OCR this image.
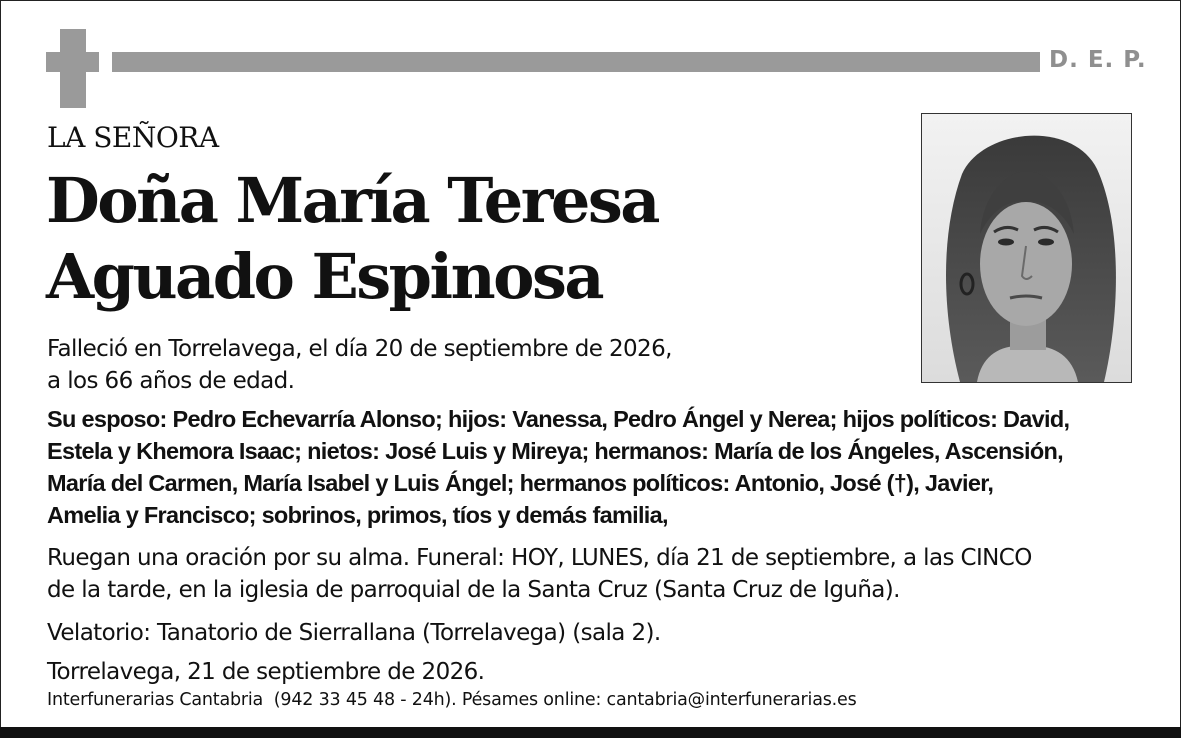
D. E. P.
LA SEÑORA
Doña María Teresa
Aguado Espinosa
Falleció en Torrelavega, el día 20 de septiembre de 2026,
a los 66 años de edad.
Su esposo: Pedro Echevarría Alonso; hijos: Vanessa, Pedro Ángel y Nerea; hijos políticos: David,
Estela y Khemora Isaac; nietos: José Luis y Mireya; hermanos: María de los Ángeles, Ascensión,
María del Carmen, María Isabel y Luis Ángel; hermanos políticos: Antonio, José (†), Javier,
Amelia y Francisco; sobrinos, primos, tíos y demás familia,
Ruegan una oración por su alma. Funeral: HOY, LUNES, día 21 de septiembre, a las CINCO
de la tarde, en la iglesia de parroquial de la Santa Cruz (Santa Cruz de Iguña).
Velatorio: Tanatorio de Sierrallana (Torrelavega) (sala 2).
Torrelavega, 21 de septiembre de 2026.
Interfunerarias Cantabria  (942 33 45 48 - 24h). Pésames online: cantabria@interfunerarias.es
